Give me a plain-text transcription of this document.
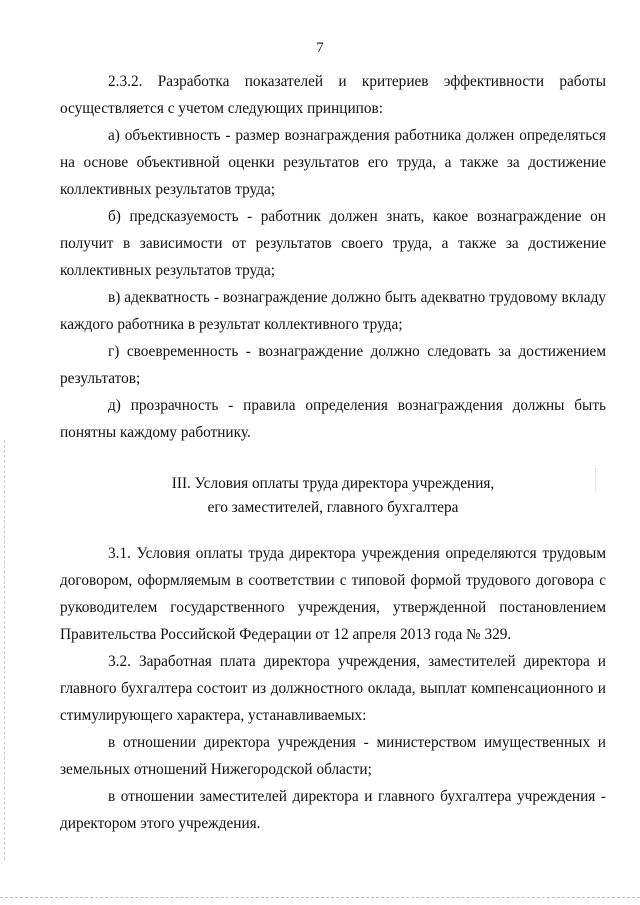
7

2.3.2. Разработка показателей и критериев эффективности работы осуществляется с учетом следующих принципов:

а) объективность - размер вознаграждения работника должен определяться на основе объективной оценки результатов его труда, а также за достижение коллективных результатов труда;

б) предсказуемость - работник должен знать, какое вознаграждение он получит в зависимости от результатов своего труда, а также за достижение коллективных результатов труда;

в) адекватность - вознаграждение должно быть адекватно трудовому вкладу каждого работника в результат коллективного труда;

г) своевременность - вознаграждение должно следовать за достижением результатов;

д) прозрачность - правила определения вознаграждения должны быть понятны каждому работнику.

III. Условия оплаты труда директора учреждения,
его заместителей, главного бухгалтера

3.1. Условия оплаты труда директора учреждения определяются трудовым договором, оформляемым в соответствии с типовой формой трудового договора с руководителем государственного учреждения, утвержденной постановлением Правительства Российской Федерации от 12 апреля 2013 года № 329.

3.2. Заработная плата директора учреждения, заместителей директора и главного бухгалтера состоит из должностного оклада, выплат компенсационного и стимулирующего характера, устанавливаемых:

в отношении директора учреждения - министерством имущественных и земельных отношений Нижегородской области;

в отношении заместителей директора и главного бухгалтера учреждения - директором этого учреждения.
